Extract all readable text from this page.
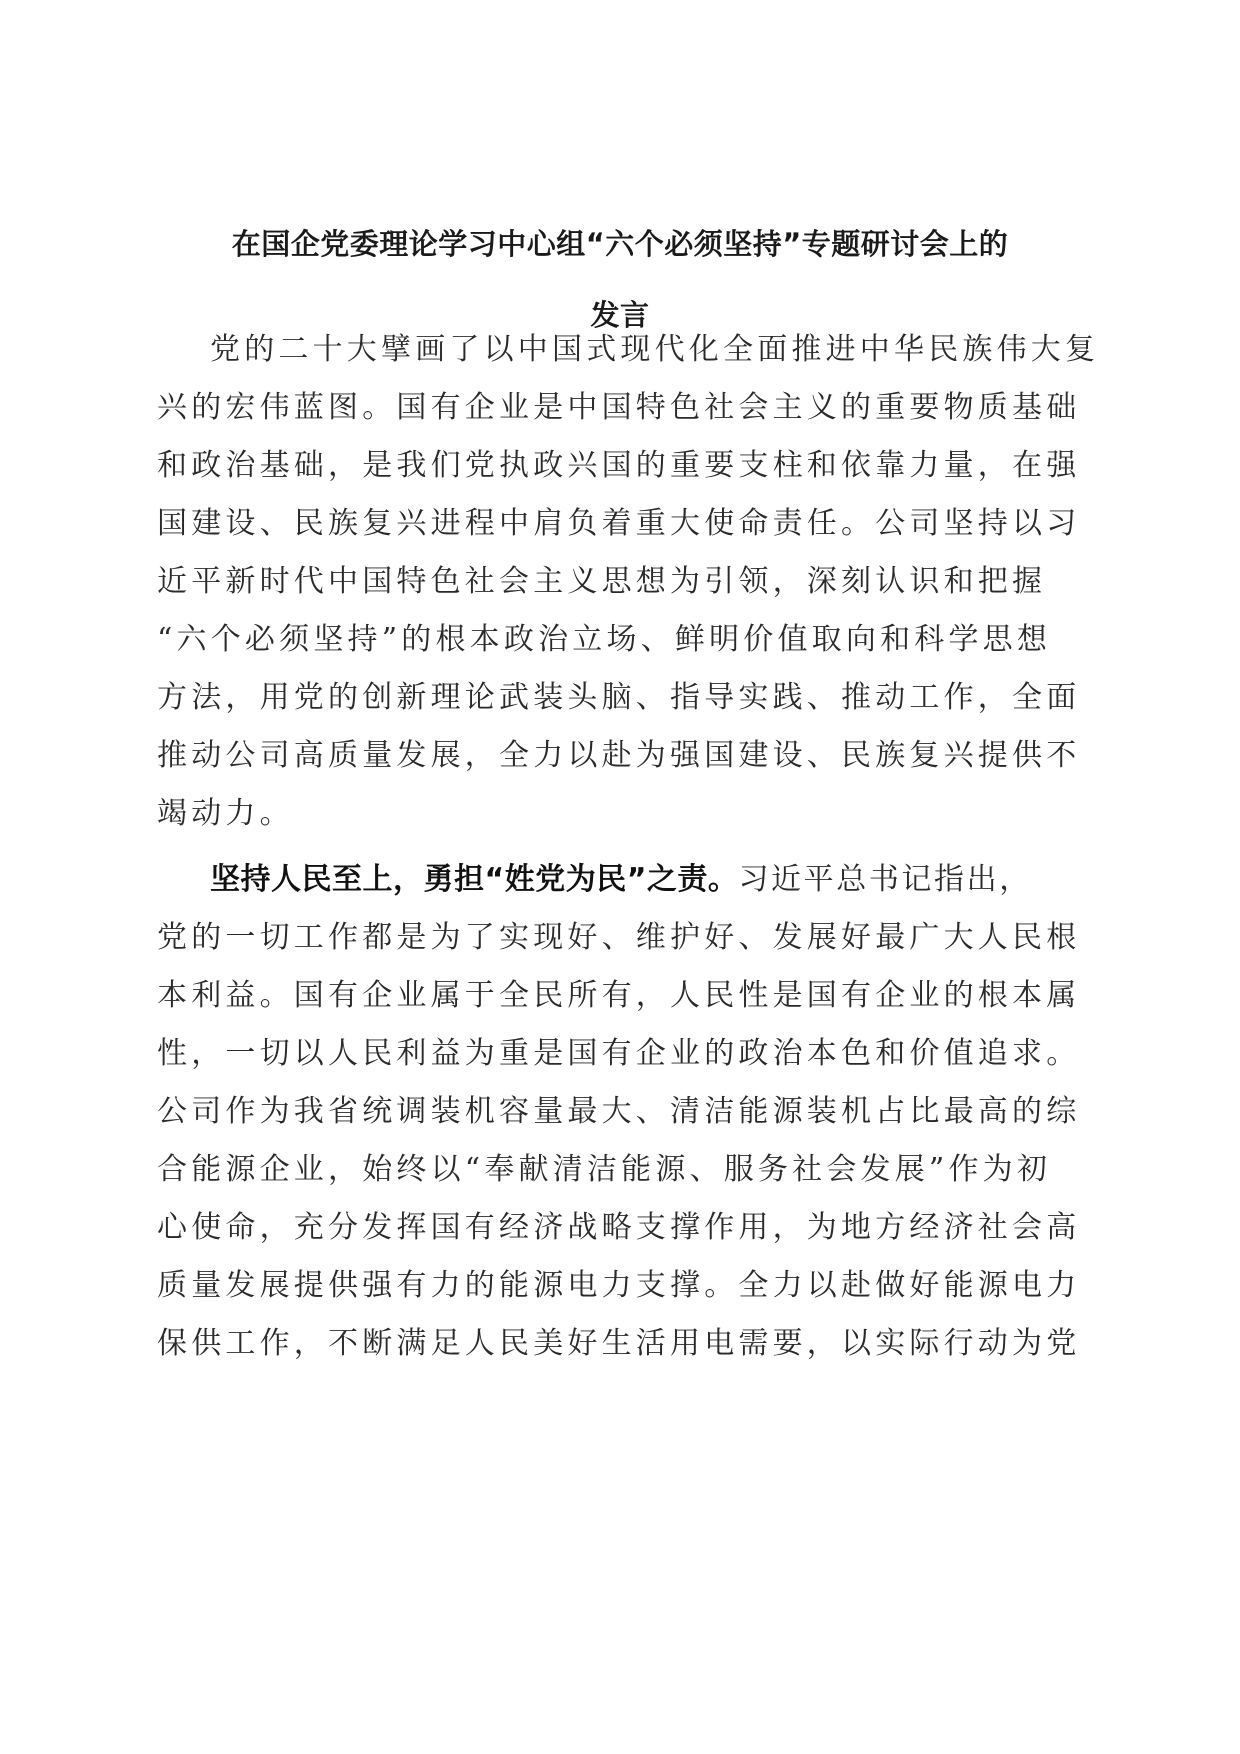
在国企党委理论学习中心组“六个必须坚持”专题研讨会上的
发言
党的二十大擘画了以中国式现代化全面推进中华民族伟大复
兴的宏伟蓝图。国有企业是中国特色社会主义的重要物质基础
和政治基础，是我们党执政兴国的重要支柱和依靠力量，在强
国建设、民族复兴进程中肩负着重大使命责任。公司坚持以习
近平新时代中国特色社会主义思想为引领，深刻认识和把握
“六个必须坚持”的根本政治立场、鲜明价值取向和科学思想
方法，用党的创新理论武装头脑、指导实践、推动工作，全面
推动公司高质量发展，全力以赴为强国建设、民族复兴提供不
竭动力。
坚持人民至上，勇担“姓党为民”之责。习近平总书记指出，
党的一切工作都是为了实现好、维护好、发展好最广大人民根
本利益。国有企业属于全民所有，人民性是国有企业的根本属
性，一切以人民利益为重是国有企业的政治本色和价值追求。
公司作为我省统调装机容量最大、清洁能源装机占比最高的综
合能源企业，始终以“奉献清洁能源、服务社会发展”作为初
心使命，充分发挥国有经济战略支撑作用，为地方经济社会高
质量发展提供强有力的能源电力支撑。全力以赴做好能源电力
保供工作，不断满足人民美好生活用电需要，以实际行动为党
